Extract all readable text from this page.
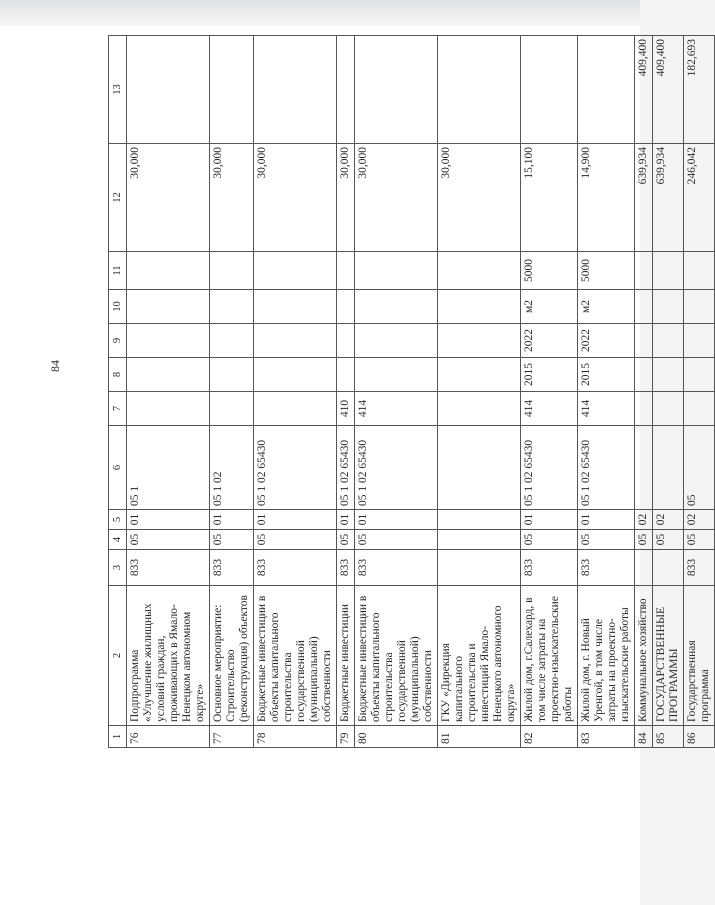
84
1	2	3	4	5	6	7	8	9	10	11	12	13
76	Подпрограмма «Улучшение жилищных условий граждан, проживающих в Ямало-Ненецком автономном округе»	833	05	01	05 1						30,000	
77	Основное мероприятие: Строительство (реконструкция) объектов	833	05	01	05 1 02						30,000	
78	Бюджетные инвестиции в объекты капитального строительства государственной (муниципальной) собственности	833	05	01	05 1 02 65430						30,000	
79	Бюджетные инвестиции	833	05	01	05 1 02 65430	410					30,000	
80	Бюджетные инвестиции в объекты капитального строительства государственной (муниципальной) собственности	833	05	01	05 1 02 65430	414					30,000	
81	ГКУ «Дирекция капитального строительства и инвестиций Ямало-Ненецкого автономного округа»										30,000	
82	Жилой дом, г.Салехард, в том числе затраты на проектно-изыскательские работы	833	05	01	05 1 02 65430	414	2015	2022	м2	5000	15,100	
83	Жилой дом, г. Новый Уренгой, в том числе затраты на проектно-изыскательские работы	833	05	01	05 1 02 65430	414	2015	2022	м2	5000	14,900	
84	Коммунальное хозяйство		05	02							639,934	409,400
85	ГОСУДАРСТВЕННЫЕ ПРОГРАММЫ		05	02							639,934	409,400
86	Государственная программа	833	05	02	05						246,042	182,693
